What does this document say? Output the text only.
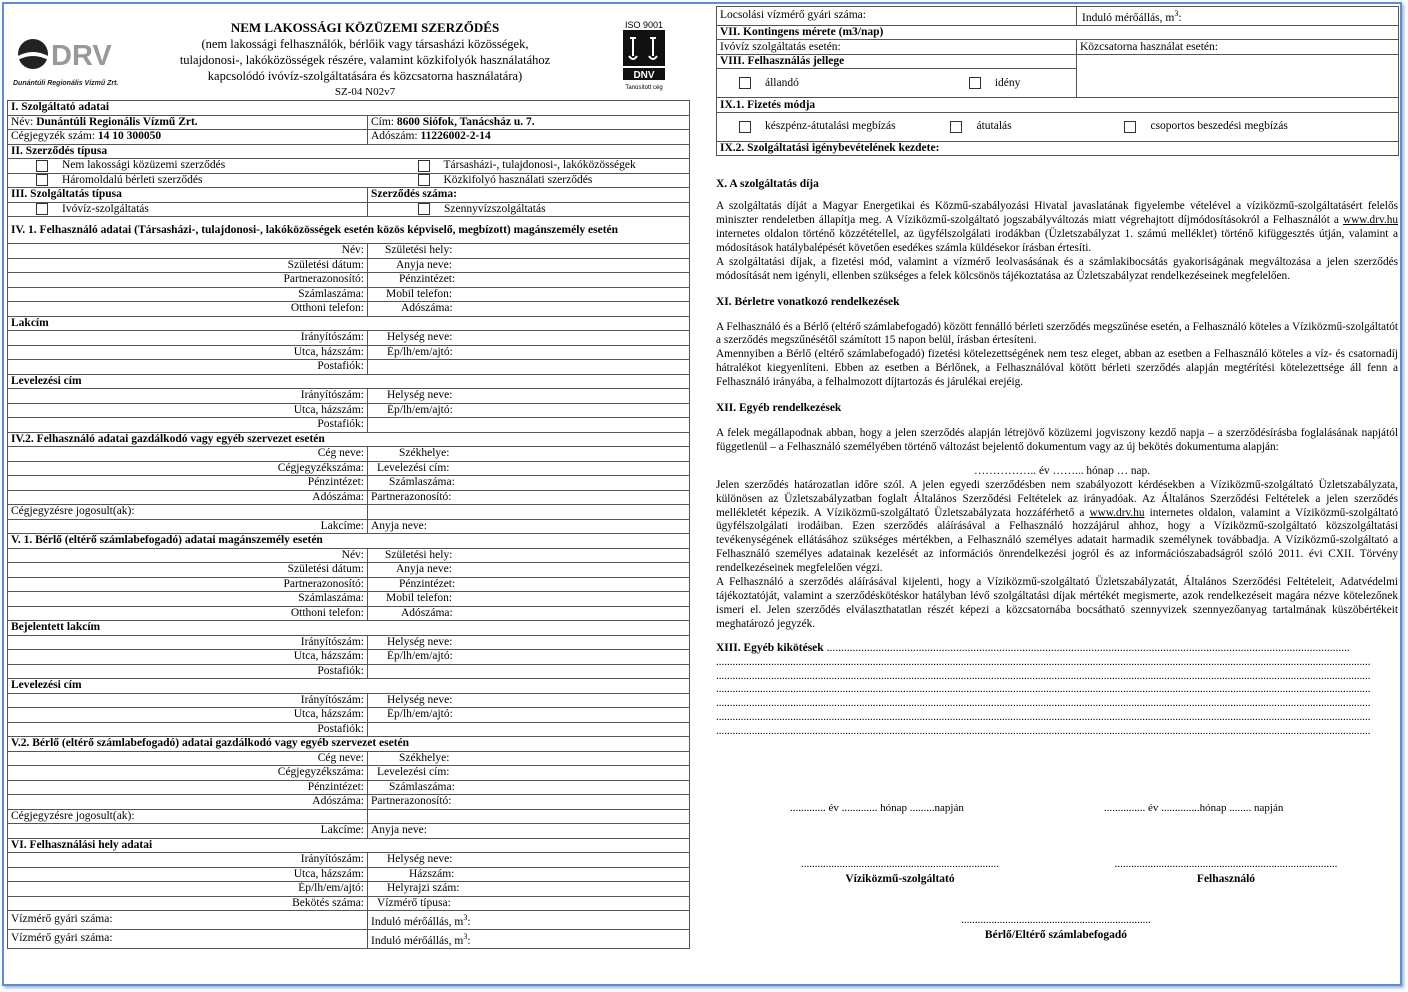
DRV
Dunántúli Regionális Vízmű Zrt.
NEM LAKOSSÁGI KÖZÜZEMI SZERZŐDÉS
(nem lakossági felhasználók, bérlőik vagy társasházi közösségek,
tulajdonosi-, lakóközösségek részére, valamint közkifolyók használatához
kapcsolódó ivóvíz-szolgáltatására és közcsatorna használatára)
SZ-04 N02v7
ISO 9001
DNV
Tanúsított cég
I. Szolgáltató adatai	
Név: Dunántúli Regionális Vízmű Zrt.	Cím: 8600 Siófok, Tanácsház u. 7.
Cégjegyzék szám: 14 10 300050	Adószám: 11226002-2-14
II. Szerződés típusa	
Nem lakossági közüzemi szerződés	Társasházi-, tulajdonosi-, lakóközösségek
Háromoldalú bérleti szerződés	Közkifolyó használati szerződés
III. Szolgáltatás típusa	Szerződés száma:
Ivóvíz-szolgáltatás	Szennyvízszolgáltatás
IV. 1. Felhasználó adatai (Társasházi-, tulajdonosi-, lakóközösségek esetén közös képviselő, megbízott) magánszemély esetén	
Név:	Születési hely:
Születési dátum:	Anyja neve:
Partnerazonosító:	Pénzintézet:
Számlaszáma:	Mobil telefon:
Otthoni telefon:	Adószáma:
Lakcím	
Irányítószám:	Helység neve:
Utca, házszám:	Ép/lh/em/ajtó:
Postafiók:	
Levelezési cím	
Irányítószám:	Helység neve:
Utca, házszám:	Ép/lh/em/ajtó:
Postafiók:	
IV.2. Felhasználó adatai gazdálkodó vagy egyéb szervezet esetén	
Cég neve:	Székhelye:
Cégjegyzékszáma:	Levelezési cím:
Pénzintézet:	Számlaszáma:
Adószáma:	Partnerazonosító:
Cégjegyzésre jogosult(ak):	
Lakcíme:	Anyja neve:
V. 1. Bérlő (eltérő számlabefogadó) adatai magánszemély esetén	
Név:	Születési hely:
Születési dátum:	Anyja neve:
Partnerazonosító:	Pénzintézet:
Számlaszáma:	Mobil telefon:
Otthoni telefon:	Adószáma:
Bejelentett lakcím	
Irányítószám:	Helység neve:
Utca, házszám:	Ép/lh/em/ajtó:
Postafiók:	
Levelezési cím	
Irányítószám:	Helység neve:
Utca, házszám:	Ép/lh/em/ajtó:
Postafiók:	
V.2. Bérlő (eltérő számlabefogadó) adatai gazdálkodó vagy egyéb szervezet esetén	
Cég neve:	Székhelye:
Cégjegyzékszáma:	Levelezési cím:
Pénzintézet:	Számlaszáma:
Adószáma:	Partnerazonosító:
Cégjegyzésre jogosult(ak):	
Lakcíme:	Anyja neve:
VI. Felhasználási hely adatai	
Irányítószám:	Helység neve:
Utca, házszám:	Házszám:
Ép/lh/em/ajtó:	Helyrajzi szám:
Bekötés száma:	Vízmérő típusa:
Vízmérő gyári száma:	Induló mérőállás, $m^3$:
Vízmérő gyári száma:	Induló mérőállás, $m^3$:
Locsolási vízmérő gyári száma:	Induló mérőállás, $m^3$:
VII. Kontingens mérete (m3/nap)	
Ivóvíz szolgáltatás esetén:	Közcsatorna használat esetén:
VIII. Felhasználás jellege	
állandó idény	
IX.1. Fizetés módja	
készpénz-átutalási megbízás átutalás csoportos beszedési megbízás	
IX.2. Szolgáltatási igénybevételének kezdete:	

X. A szolgáltatás díja

A szolgáltatás díját a Magyar Energetikai és Közmű-szabályozási Hivatal javaslatának figyelembe vételével a víziközmű-szolgáltatásért felelős miniszter rendeletben állapítja meg. A Víziközmű-szolgáltató jogszabályváltozás miatt végrehajtott díjmódosításokról a Felhasználót a www.drv.hu internetes oldalon történő közzététellel, az ügyfélszolgálati irodákban (Üzletszabályzat 1. számú melléklet) történő kifüggesztés útján, valamint a módosítások hatálybalépését követően esedékes számla küldésekor írásban értesíti.

A szolgáltatási díjak, a fizetési mód, valamint a vízmérő leolvasásának és a számlakibocsátás gyakoriságának megváltozása a jelen szerződés módosítását nem igényli, ellenben szükséges a felek kölcsönös tájékoztatása az Üzletszabályzat rendelkezéseinek megfelelően.

XI. Bérletre vonatkozó rendelkezések

A Felhasználó és a Bérlő (eltérő számlabefogadó) között fennálló bérleti szerződés megszűnése esetén, a Felhasználó köteles a Víziközmű-szolgáltatót a szerződés megszűnésétől számított 15 napon belül, írásban értesíteni.

Amennyiben a Bérlő (eltérő számlabefogadó) fizetési kötelezettségének nem tesz eleget, abban az esetben a Felhasználó köteles a víz- és csatornadíj hátralékot kiegyenlíteni. Ebben az esetben a Bérlőnek, a Felhasználóval kötött bérleti szerződés alapján megtérítési kötelezettsége áll fenn a Felhasználó irányába, a felhalmozott díjtartozás és járulékai erejéig.

XII. Egyéb rendelkezések

A felek megállapodnak abban, hogy a jelen szerződés alapján létrejövő közüzemi jogviszony kezdő napja – a szerződésírásba foglalásának napjától függetlenül – a Felhasználó személyében történő változást bejelentő dokumentum vagy az új bekötés dokumentuma alapján:

…………….. év ……... hónap … nap.

Jelen szerződés határozatlan időre szól. A jelen egyedi szerződésben nem szabályozott kérdésekben a Víziközmű-szolgáltató Üzletszabályzata, különösen az Üzletszabályzatban foglalt Általános Szerződési Feltételek az irányadóak. Az Általános Szerződési Feltételek a jelen szerződés mellékletét képezik. A Víziközmű-szolgáltató Üzletszabályzata hozzáférhető a www.drv.hu internetes oldalon, valamint a Víziközmű-szolgáltató ügyfélszolgálati irodáiban. Ezen szerződés aláírásával a Felhasználó hozzájárul ahhoz, hogy a Víziközmű-szolgáltató közszolgáltatási tevékenységének ellátásához szükséges mértékben, a Felhasználó személyes adatait harmadik személynek továbbadja. A Víziközmű-szolgáltató a Felhasználó személyes adatainak kezelését az információs önrendelkezési jogról és az információszabadságról szóló 2011. évi CXII. Törvény rendelkezéseinek megfelelően végzi.

A Felhasználó a szerződés aláírásával kijelenti, hogy a Víziközmű-szolgáltató Üzletszabályzatát, Általános Szerződési Feltételeit, Adatvédelmi tájékoztatóját, valamint a szerződéskötéskor hatályban lévő szolgáltatási díjak mértékét megismerte, azok rendelkezéseit magára nézve kötelezőnek ismeri el. Jelen szerződés elválaszthatatlan részét képezi a közcsatornába bocsátható szennyvizek szennyezőanyag tartalmának küszöbértékeit meghatározó jegyzék.

XIII. Egyéb kikötések ......................................................................................................................................................................................

..............................................................................................................................................................................................................................................
..............................................................................................................................................................................................................................................
..............................................................................................................................................................................................................................................
..............................................................................................................................................................................................................................................
..............................................................................................................................................................................................................................................
..............................................................................................................................................................................................................................................
............. év ............. hónap .........napján	............... év ..............hónap ........ napján
........................................................................
Víziközmű-szolgáltató
.................................................................................
Felhasználó
.....................................................................
Bérlő/Eltérő számlabefogadó
